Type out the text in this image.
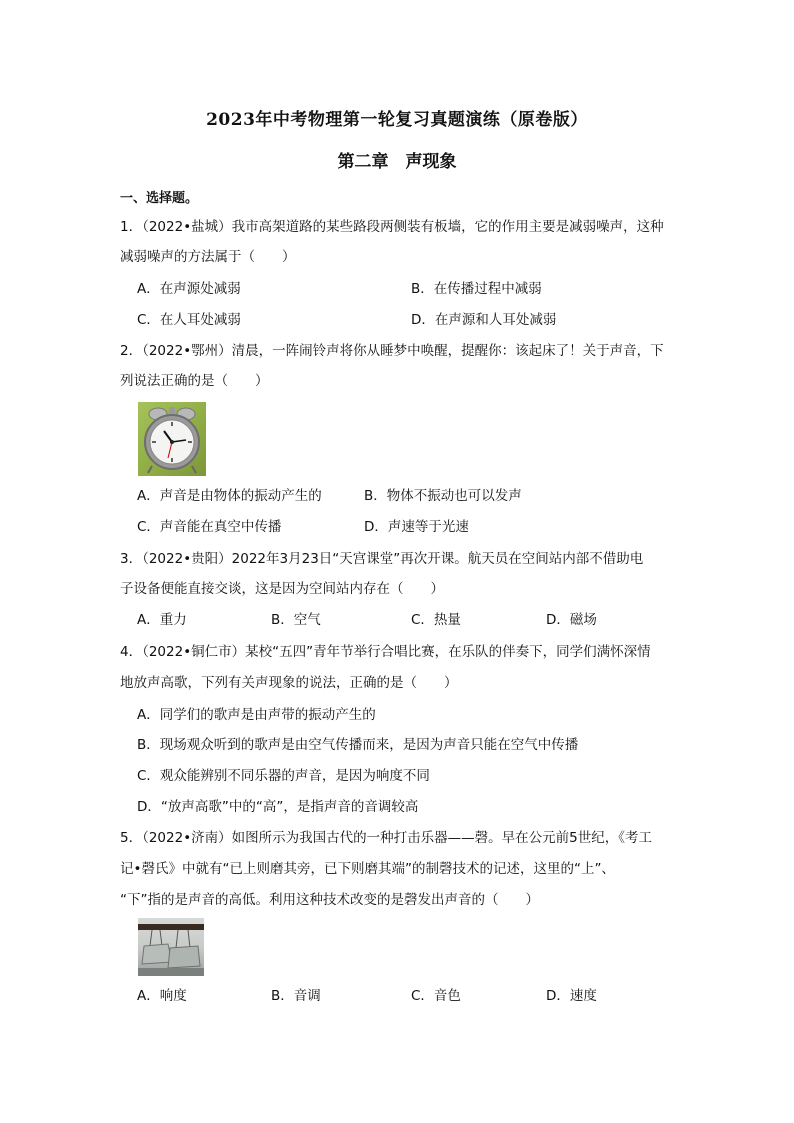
2023年中考物理第一轮复习真题演练（原卷版）
第二章　声现象
一、选择题。
1．（2022•盐城）我市高架道路的某些路段两侧装有板墙，它的作用主要是减弱噪声，这种
减弱噪声的方法属于（　　）
A．在声源处减弱	B．在传播过程中减弱
C．在人耳处减弱	D．在声源和人耳处减弱
2．（2022•鄂州）清晨，一阵闹铃声将你从睡梦中唤醒，提醒你：该起床了！关于声音，下
列说法正确的是（　　）
A．声音是由物体的振动产生的	B．物体不振动也可以发声
C．声音能在真空中传播	D．声速等于光速
3．（2022•贵阳）2022年3月23日“天宫课堂”再次开课。航天员在空间站内部不借助电
子设备便能直接交谈，这是因为空间站内存在（　　）
A．重力	B．空气	C．热量	D．磁场
4．（2022•铜仁市）某校“五四”青年节举行合唱比赛，在乐队的伴奏下，同学们满怀深情
地放声高歌，下列有关声现象的说法，正确的是（　　）
A．同学们的歌声是由声带的振动产生的
B．现场观众听到的歌声是由空气传播而来，是因为声音只能在空气中传播
C．观众能辨别不同乐器的声音，是因为响度不同
D．“放声高歌”中的“高”，是指声音的音调较高
5．（2022•济南）如图所示为我国古代的一种打击乐器——磬。早在公元前5世纪，《考工
记•磬氏》中就有“已上则磨其旁，已下则磨其端”的制磬技术的记述，这里的“上”、
“下”指的是声音的高低。利用这种技术改变的是磬发出声音的（　　）
A．响度	B．音调	C．音色	D．速度
